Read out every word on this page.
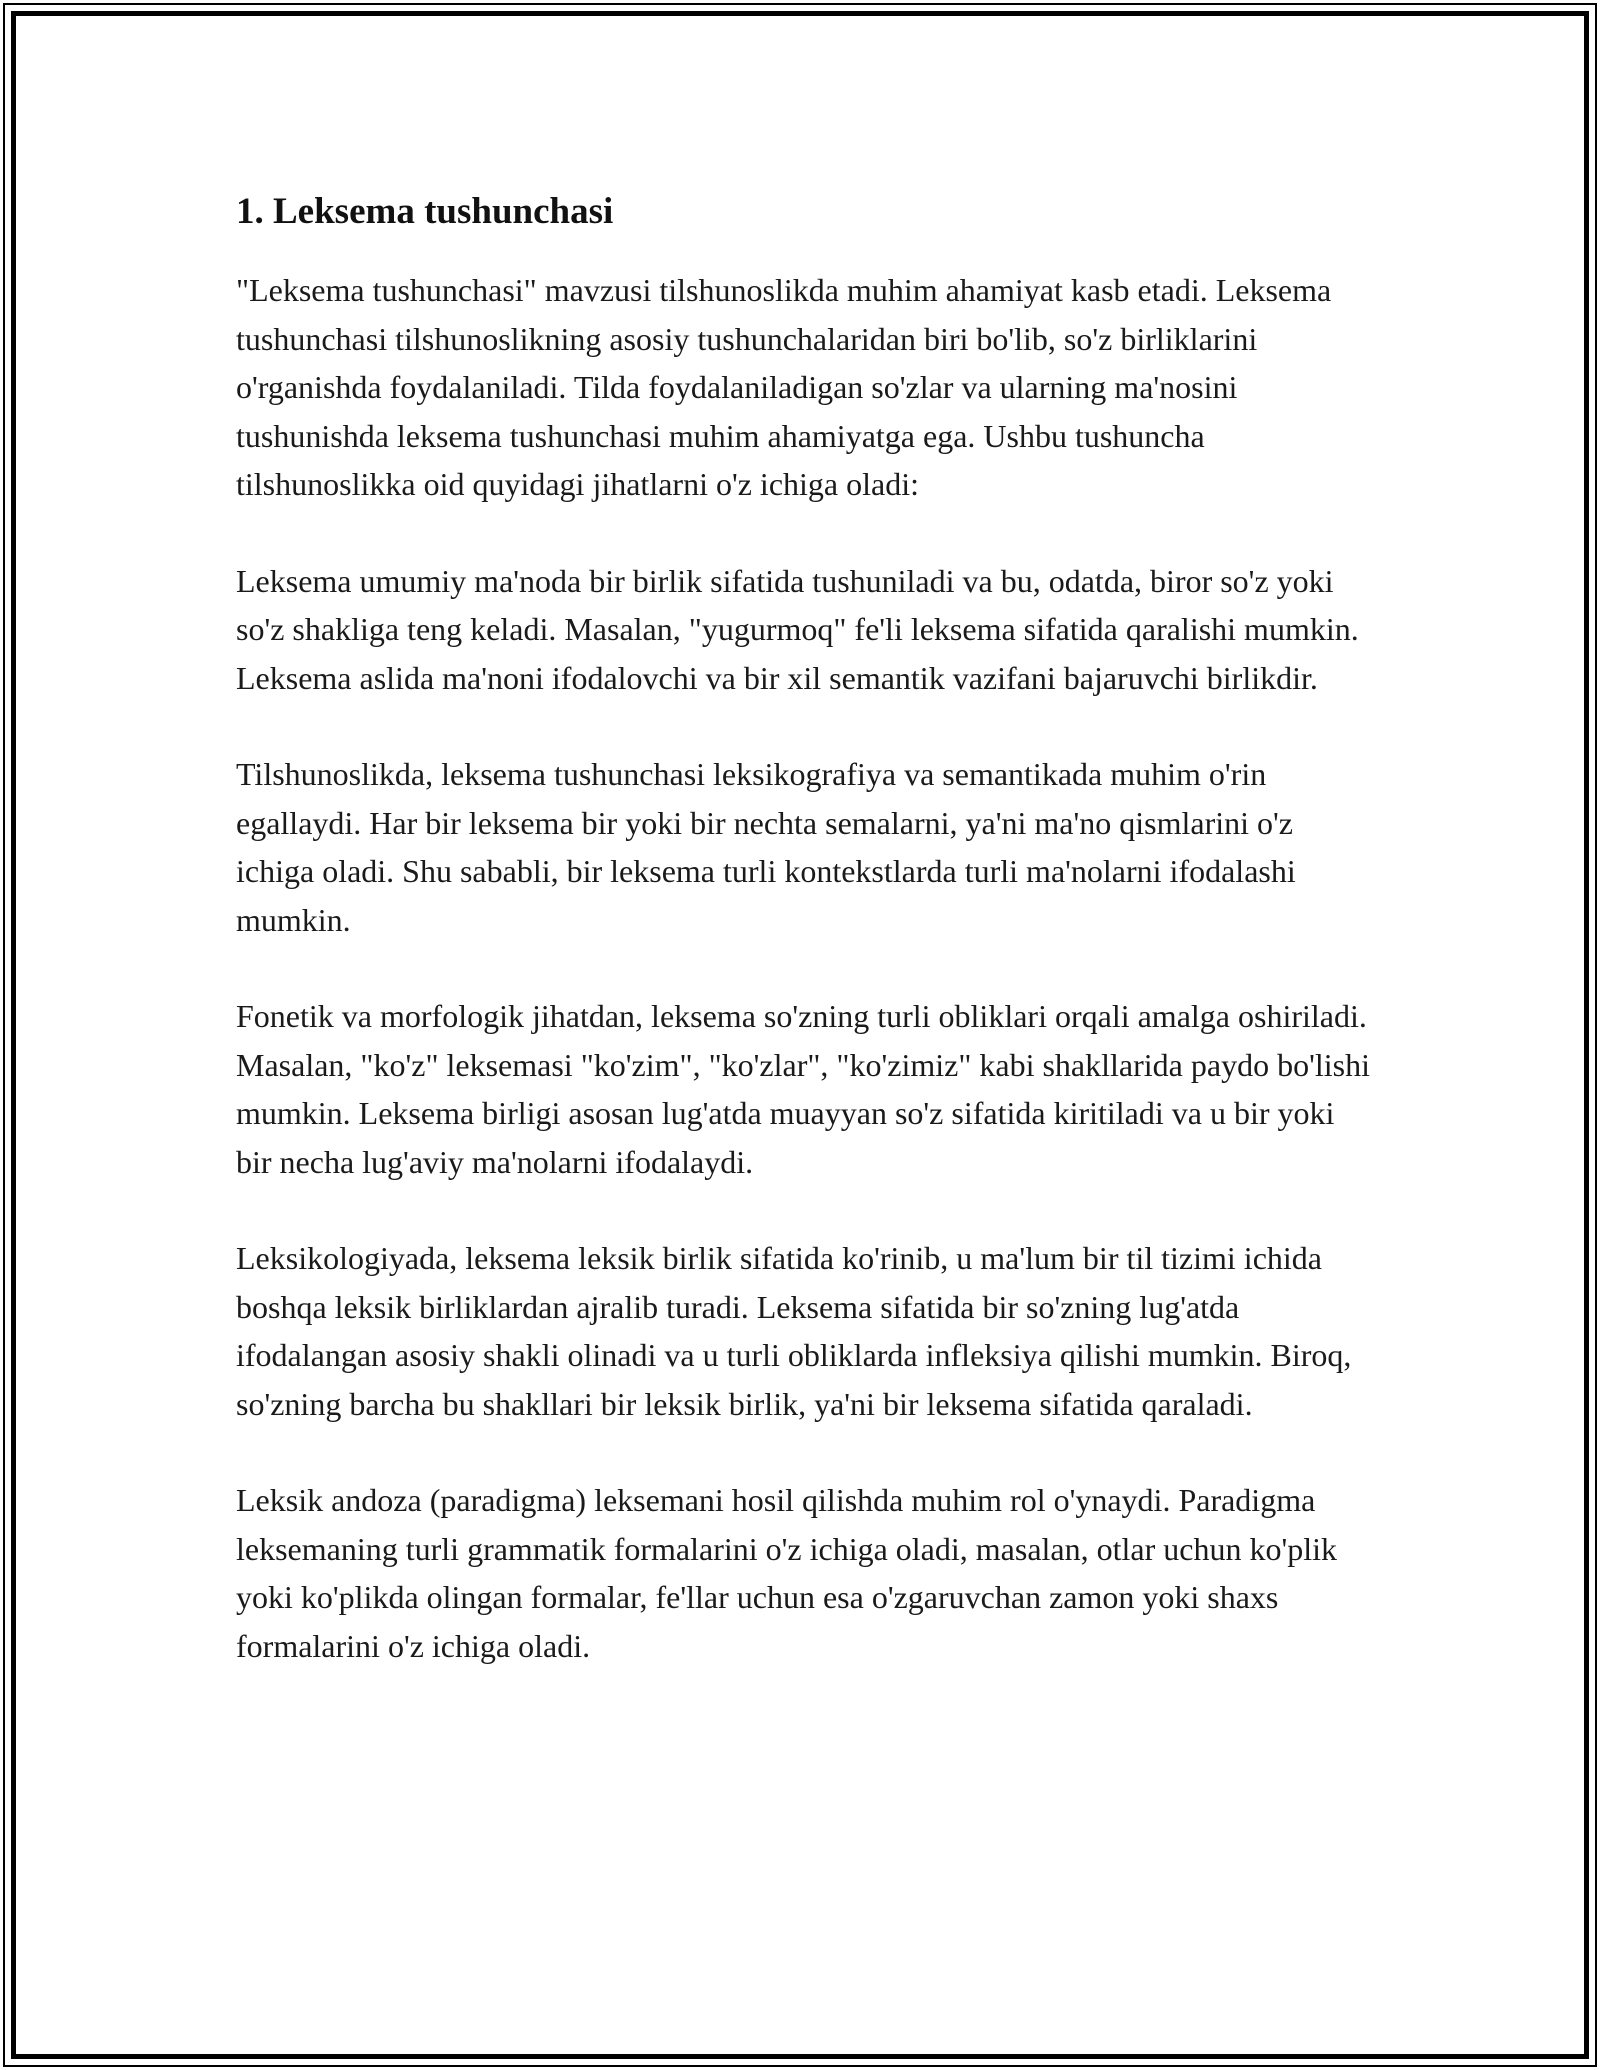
1. Leksema tushunchasi

"Leksema tushunchasi" mavzusi tilshunoslikda muhim ahamiyat kasb etadi. Leksema tushunchasi tilshunoslikning asosiy tushunchalaridan biri bo'lib, so'z birliklarini o'rganishda foydalaniladi. Tilda foydalaniladigan so'zlar va ularning ma'nosini tushunishda leksema tushunchasi muhim ahamiyatga ega. Ushbu tushuncha tilshunoslikka oid quyidagi jihatlarni o'z ichiga oladi:

Leksema umumiy ma'noda bir birlik sifatida tushuniladi va bu, odatda, biror so'z yoki so'z shakliga teng keladi. Masalan, "yugurmoq" fe'li leksema sifatida qaralishi mumkin. Leksema aslida ma'noni ifodalovchi va bir xil semantik vazifani bajaruvchi birlikdir.

Tilshunoslikda, leksema tushunchasi leksikografiya va semantikada muhim o'rin egallaydi. Har bir leksema bir yoki bir nechta semalarni, ya'ni ma'no qismlarini o'z ichiga oladi. Shu sababli, bir leksema turli kontekstlarda turli ma'nolarni ifodalashi mumkin.

Fonetik va morfologik jihatdan, leksema so'zning turli obliklari orqali amalga oshiriladi. Masalan, "ko'z" leksemasi "ko'zim", "ko'zlar", "ko'zimiz" kabi shakllarida paydo bo'lishi mumkin. Leksema birligi asosan lug'atda muayyan so'z sifatida kiritiladi va u bir yoki bir necha lug'aviy ma'nolarni ifodalaydi.

Leksikologiyada, leksema leksik birlik sifatida ko'rinib, u ma'lum bir til tizimi ichida boshqa leksik birliklardan ajralib turadi. Leksema sifatida bir so'zning lug'atda ifodalangan asosiy shakli olinadi va u turli obliklarda infleksiya qilishi mumkin. Biroq, so'zning barcha bu shakllari bir leksik birlik, ya'ni bir leksema sifatida qaraladi.

Leksik andoza (paradigma) leksemani hosil qilishda muhim rol o'ynaydi. Paradigma leksemaning turli grammatik formalarini o'z ichiga oladi, masalan, otlar uchun ko'plik yoki ko'plikda olingan formalar, fe'llar uchun esa o'zgaruvchan zamon yoki shaxs formalarini o'z ichiga oladi.
